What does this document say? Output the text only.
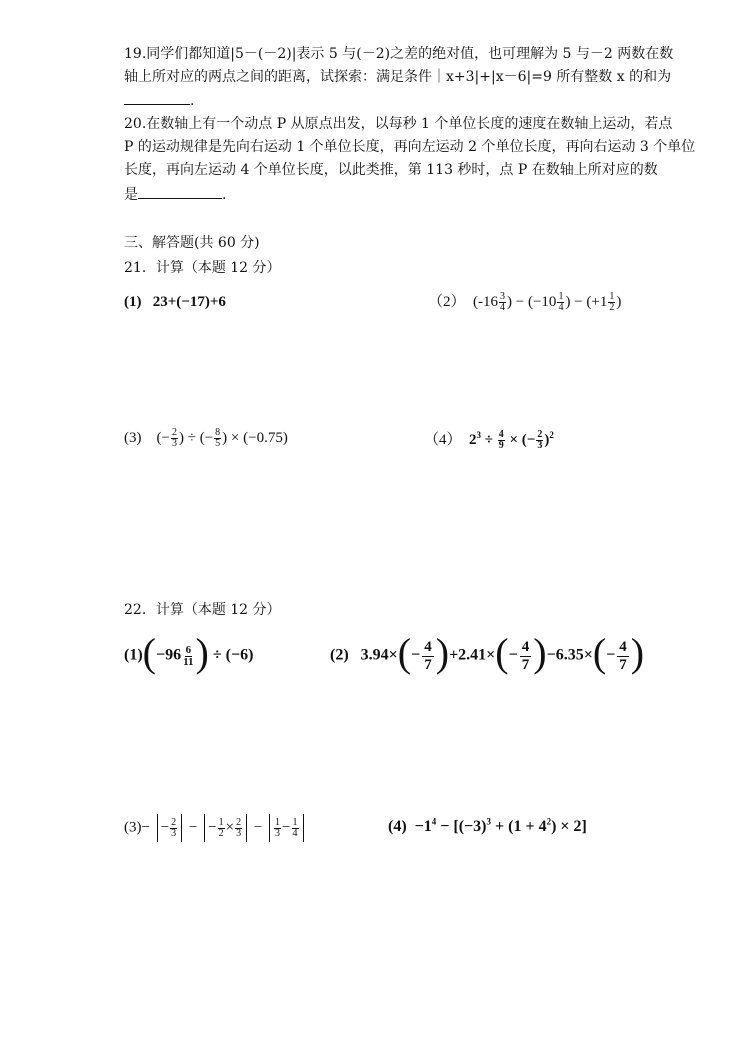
19.同学们都知道|5－(－2)|表示 5 与(－2)之差的绝对值，也可理解为 5 与－2 两数在数
轴上所对应的两点之间的距离，试探索：满足条件｜x+3|+|x－6|=9 所有整数 x 的和为
.
20.在数轴上有一个动点 P 从原点出发，以每秒 1 个单位长度的速度在数轴上运动，若点
P 的运动规律是先向右运动 1 个单位长度，再向左运动 2 个单位长度，再向右运动 3 个单位
长度，再向左运动 4 个单位长度，以此类推，第 113 秒时，点 P 在数轴上所对应的数
是	.
三、解答题(共 60 分)
21．计算（本题 12 分）
(1) 23+(−17)+6	（2） ($-16 \frac{3}{4}$ ) − ($-10 \frac{1}{4}$ ) − ($+1 \frac{1}{2}$ )
(3) (− $\frac{2}{3}$ ) ÷ (− $\frac{8}{5}$ ) × (−0.75)	（4） $2^3 \div \frac{4}{9}$ × (− $\frac{2}{3} )^2$
22．计算（本题 12 分）
$(1)(-96 \frac{6}{11}$ ) ÷ (−6)	(2) $3.94\times(- \frac{4}{7} )+2.41\times(- \frac{4}{7} )-6.35\times(- \frac{4}{7}$ )
$(3)- - \frac{2}{3}$ − − $\frac{1}{2} \times \frac{2}{3} - \frac{1}{3} - \frac{1}{4}$	$(4) -1^4 - [(-3)^3 + (1 + 4^2) \times 2]$
